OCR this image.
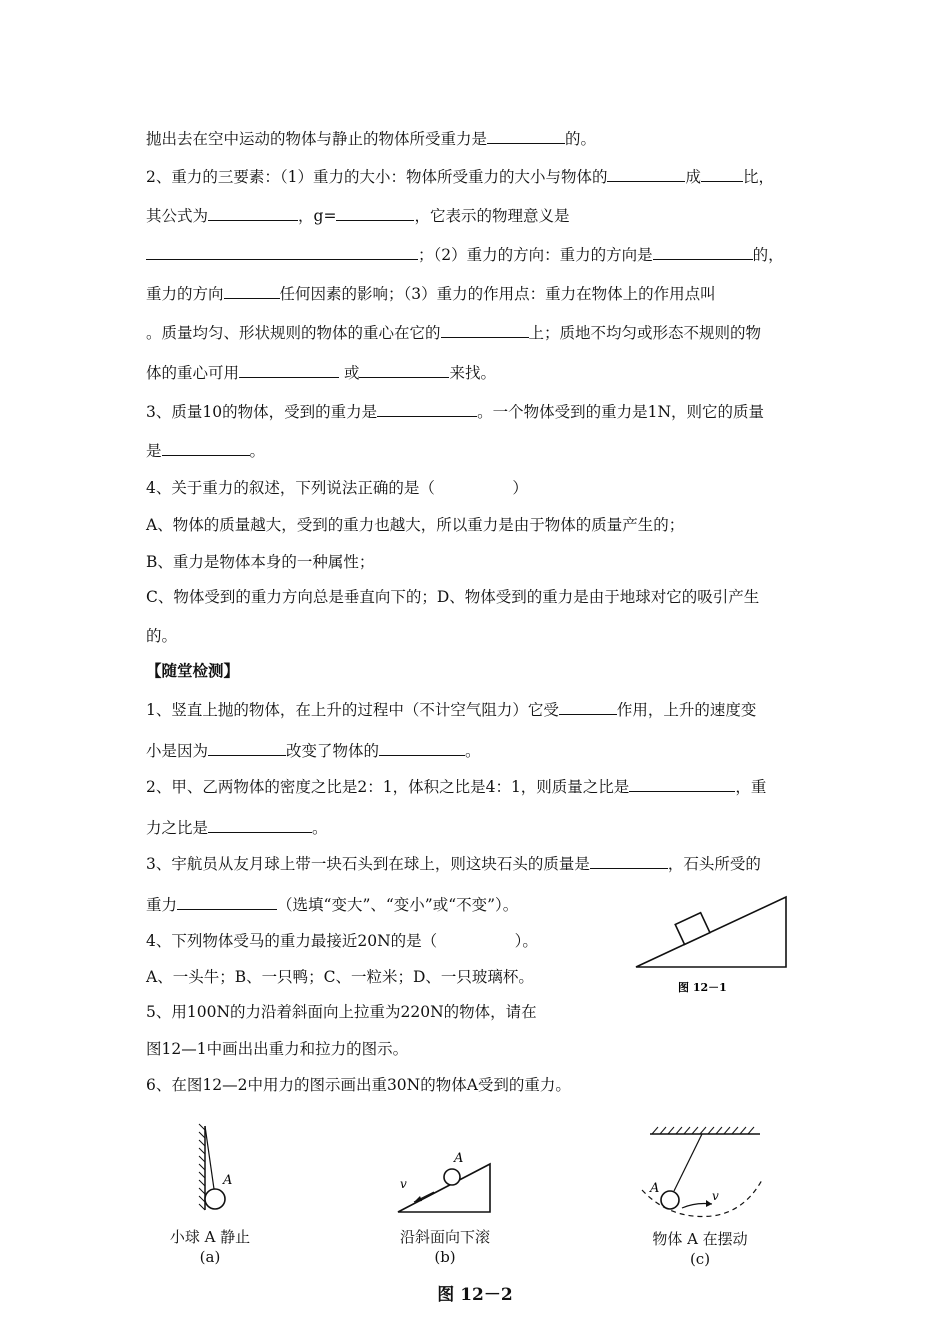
抛出去在空中运动的物体与静止的物体所受重力是	的。
2、重力的三要素：（1）重力的大小：物体所受重力的大小与物体的	成	比，
其公式为	，g=	，它表示的物理意义是
；（2）重力的方向：重力的方向是	的，
重力的方向	任何因素的影响；（3）重力的作用点：重力在物体上的作用点叫
。质量均匀、形状规则的物体的重心在它的	上；质地不均匀或形态不规则的物
体的重心可用	或	来找。
3、质量10的物体，受到的重力是	。一个物体受到的重力是1N，则它的质量
是	。
4、关于重力的叙述，下列说法正确的是（　　　　　）
A、物体的质量越大，受到的重力也越大，所以重力是由于物体的质量产生的；
B、重力是物体本身的一种属性；
C、物体受到的重力方向总是垂直向下的；D、物体受到的重力是由于地球对它的吸引产生
的。
【随堂检测】
1、竖直上抛的物体，在上升的过程中（不计空气阻力）它受	作用，上升的速度变
小是因为	改变了物体的	。
2、甲、乙两物体的密度之比是2：1，体积之比是4：1，则质量之比是	，重
力之比是	。
3、宇航员从友月球上带一块石头到在球上，则这块石头的质量是	，石头所受的
重力	（选填“变大”、“变小”或“不变”）。
4、下列物体受马的重力最接近20N的是（　　　　　）。
A、一头牛；B、一只鸭；C、一粒米；D、一只玻璃杯。
5、用100N的力沿着斜面向上拉重为220N的物体，请在
图12—1中画出出重力和拉力的图示。
6、在图12—2中用力的图示画出重30N的物体A受到的重力。
图 12－1
A
小球 A 静止
(a)
A
v
沿斜面向下滚
(b)
A	v
物体 A 在摆动
(c)
图 12－2
